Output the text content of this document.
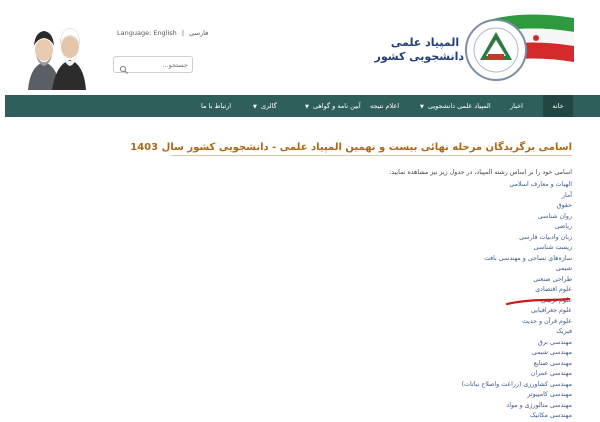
Language: English | فارسی
جستجو...
المپیاد علمی
دانشجویی کشور
خانه
اخبار
المپیاد علمی دانشجویی ▼
اعلام نتیجه
آیین نامه و گواهی ▼
گالری ▼
ارتباط با ما
اسامی برگزیدگان مرحله نهائی بیست و نهمین المپیاد علمی - دانشجویی کشور سال 1403
اسامی خود را بر اساس رشته المپیاد، در جدول زیر نیز مشاهده نمایید:
الهیات و معارف اسلامی
آمار
حقوق
روان شناسی
ریاضی
زبان وادبیات فارسی
زیست شناسی
سازه‌های نساجی و مهندسی بافت
شیمی
طراحی صنعتی
علوم اقتصادی
علوم تربیتی
علوم جغرافیایی
علوم قرآن و حدیث
فیزیک
مهندسی برق
مهندسی شیمی
مهندسی صنایع
مهندسی عمران
مهندسی کشاورزی (زراعت واصلاح نباتات)
مهندسی کامپیوتر
مهندسی متالورژی و مواد
مهندسی مکانیک
